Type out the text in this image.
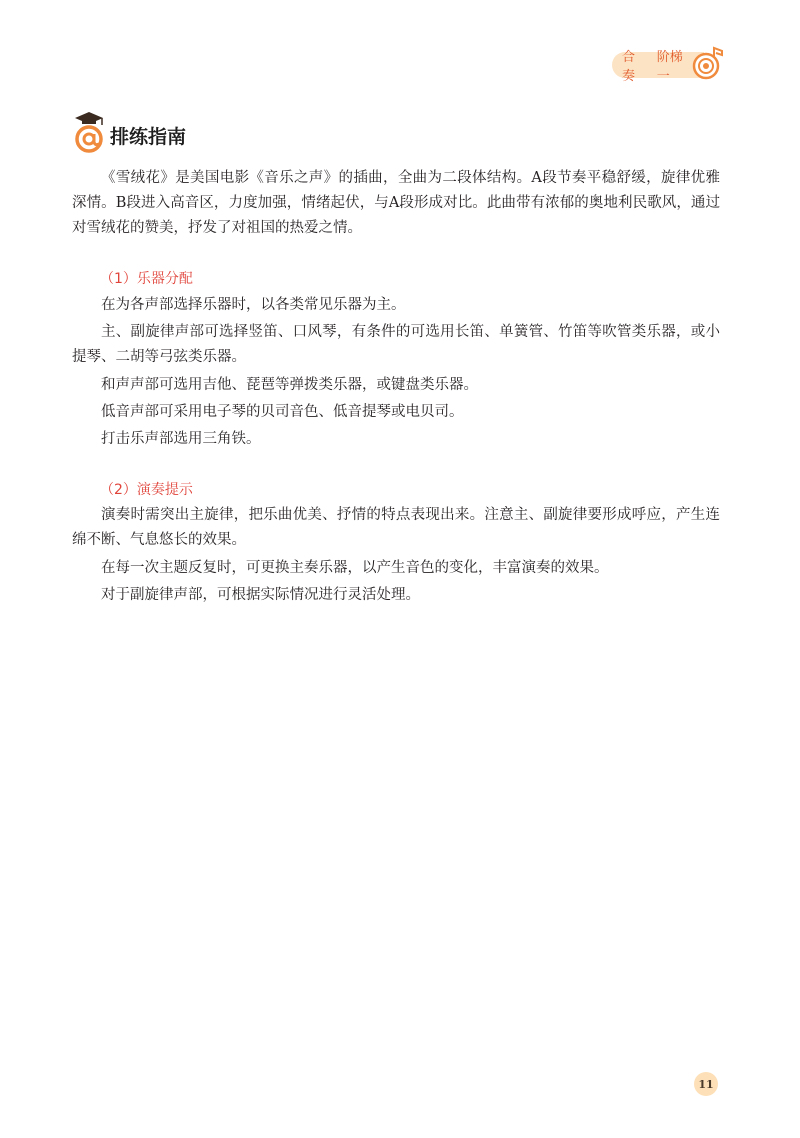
合奏
阶梯一
排练指南

《雪绒花》是美国电影《音乐之声》的插曲，全曲为二段体结构。A段节奏平稳舒缓，旋律优雅深情。B段进入高音区，力度加强，情绪起伏，与A段形成对比。此曲带有浓郁的奥地利民歌风，通过对雪绒花的赞美，抒发了对祖国的热爱之情。

（1）乐器分配

在为各声部选择乐器时，以各类常见乐器为主。

主、副旋律声部可选择竖笛、口风琴，有条件的可选用长笛、单簧管、竹笛等吹管类乐器，或小提琴、二胡等弓弦类乐器。

和声声部可选用吉他、琵琶等弹拨类乐器，或键盘类乐器。

低音声部可采用电子琴的贝司音色、低音提琴或电贝司。

打击乐声部选用三角铁。

（2）演奏提示

演奏时需突出主旋律，把乐曲优美、抒情的特点表现出来。注意主、副旋律要形成呼应，产生连绵不断、气息悠长的效果。

在每一次主题反复时，可更换主奏乐器，以产生音色的变化，丰富演奏的效果。

对于副旋律声部，可根据实际情况进行灵活处理。

11
